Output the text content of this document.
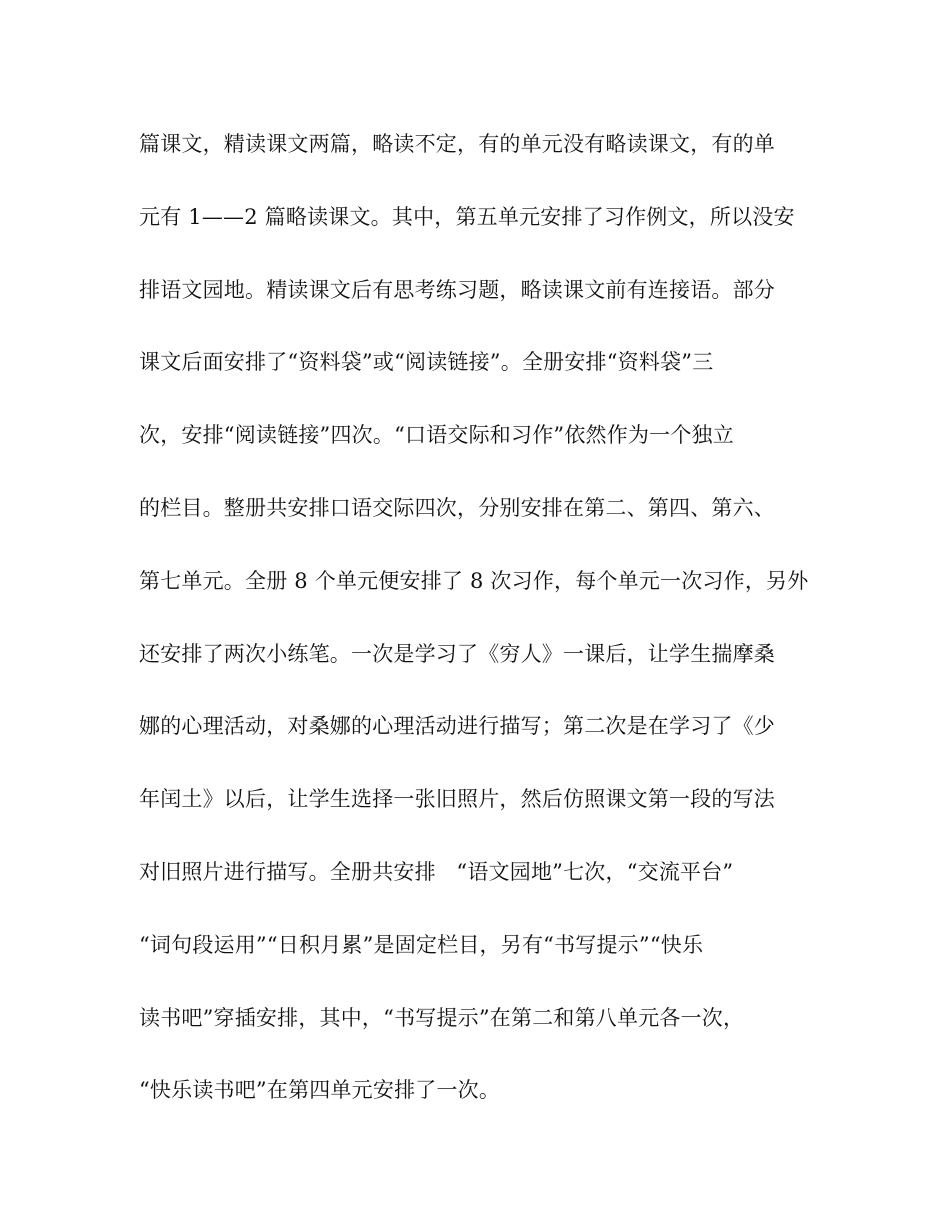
篇课文，精读课文两篇，略读不定，有的单元没有略读课文，有的单
元有 1——2 篇略读课文。其中，第五单元安排了习作例文，所以没安
排语文园地。精读课文后有思考练习题，略读课文前有连接语。部分
课文后面安排了“资料袋”或“阅读链接”。全册安排“资料袋”三
次，安排“阅读链接”四次。“口语交际和习作”依然作为一个独立
的栏目。整册共安排口语交际四次，分别安排在第二、第四、第六、
第七单元。全册 8 个单元便安排了 8 次习作，每个单元一次习作，另外
还安排了两次小练笔。一次是学习了《穷人》一课后，让学生揣摩桑
娜的心理活动，对桑娜的心理活动进行描写；第二次是在学习了《少
年闰土》以后，让学生选择一张旧照片，然后仿照课文第一段的写法
对旧照片进行描写。全册共安排   “语文园地”七次，“交流平台”
“词句段运用”“日积月累”是固定栏目，另有“书写提示”“快乐
读书吧”穿插安排，其中，“书写提示”在第二和第八单元各一次，
“快乐读书吧”在第四单元安排了一次。
